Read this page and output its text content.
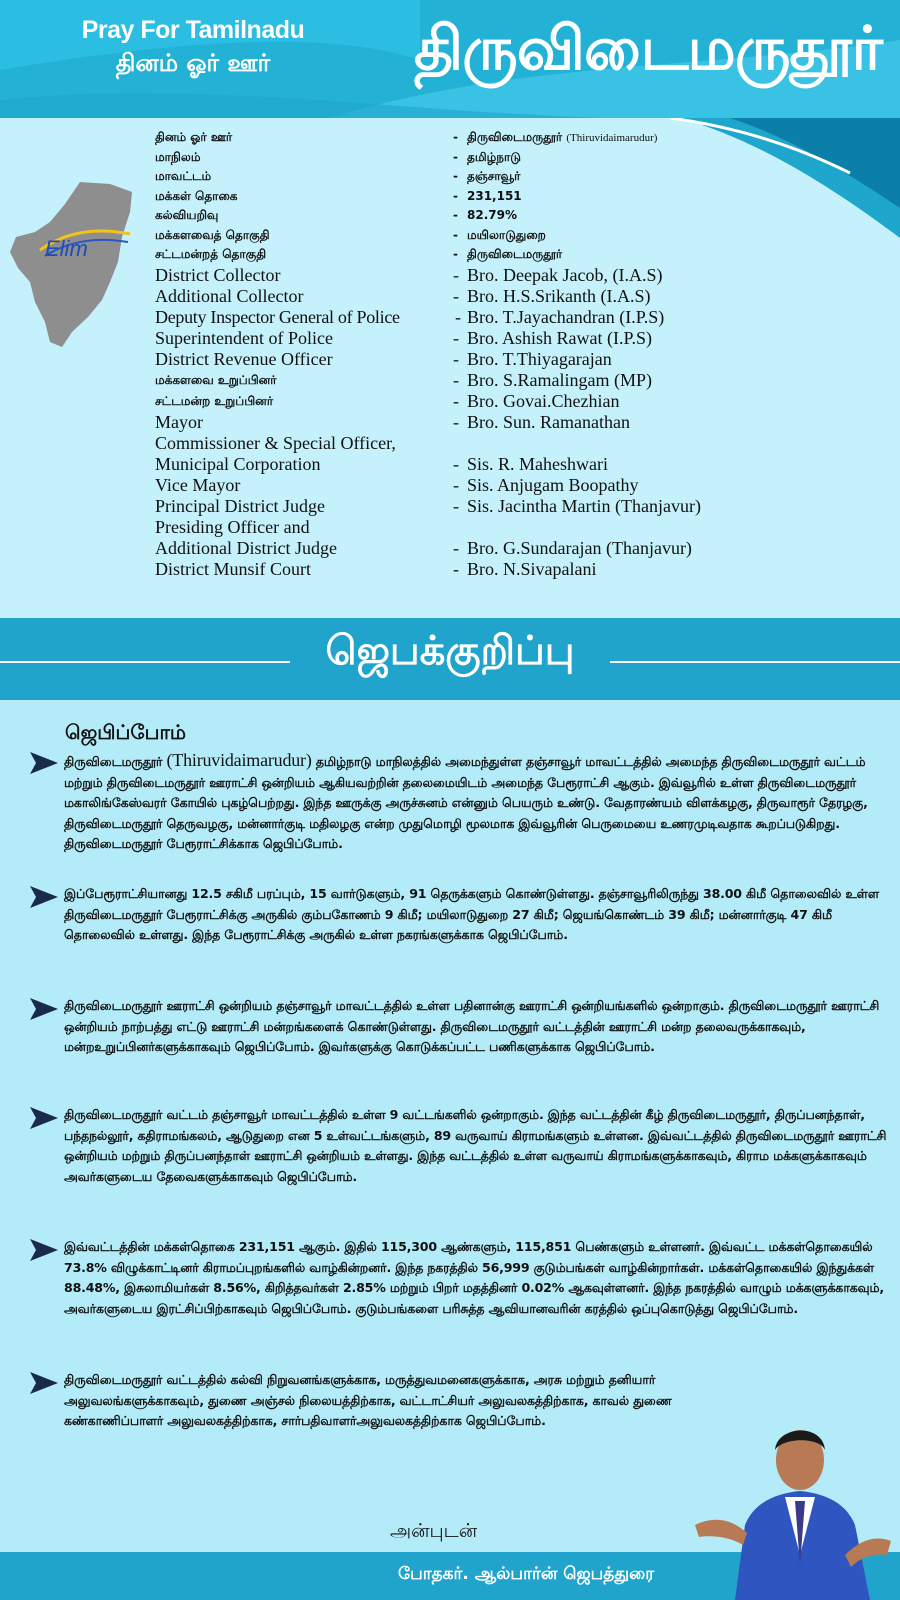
Pray For Tamilnadu
தினம் ஓர் ஊர்	திருவிடைமருதூர்
Elim
தினம் ஓர் ஊர்	- திருவிடைமருதூர் (Thiruvidaimarudur)
மாநிலம்	- தமிழ்நாடு
மாவட்டம்	- தஞ்சாவூர்
மக்கள் தொகை	- 231,151
கல்வியறிவு	- 82.79%
மக்களவைத் தொகுதி	- மயிலாடுதுறை
சட்டமன்றத் தொகுதி	- திருவிடைமருதூர்
District Collector	- Bro. Deepak Jacob, (I.A.S)
Additional Collector	- Bro. H.S.Srikanth (I.A.S)
Deputy Inspector General of Police	- Bro. T.Jayachandran (I.P.S)
Superintendent of Police	- Bro. Ashish Rawat (I.P.S)
District Revenue Officer	- Bro. T.Thiyagarajan
மக்களவை உறுப்பினர்	- Bro. S.Ramalingam (MP)
சட்டமன்ற உறுப்பினர்	- Bro. Govai.Chezhian
Mayor	- Bro. Sun. Ramanathan
Commissioner & Special Officer,
Municipal Corporation	- Sis. R. Maheshwari
Vice Mayor	- Sis. Anjugam Boopathy
Principal District Judge	- Sis. Jacintha Martin (Thanjavur)
Presiding Officer and
Additional District Judge	- Bro. G.Sundarajan (Thanjavur)
District Munsif Court	- Bro. N.Sivapalani
ஜெபக்குறிப்பு
ஜெபிப்போம்
திருவிடைமருதூர் (Thiruvidaimarudur) தமிழ்நாடு மாநிலத்தில் அமைந்துள்ள தஞ்சாவூர் மாவட்டத்தில் அமைந்த திருவிடைமருதூர் வட்டம் மற்றும் திருவிடைமருதூர் ஊராட்சி ஒன்றியம் ஆகியவற்றின் தலைமையிடம் அமைந்த பேரூராட்சி ஆகும். இவ்வூரில் உள்ள திருவிடைமருதூர் மகாலிங்கேஸ்வரர் கோயில் புகழ்பெற்றது. இந்த ஊருக்கு அருச்சுனம் என்னும் பெயரும் உண்டு. வேதாரண்யம் விளக்கழகு, திருவாரூர் தேரழகு, திருவிடைமருதூர் தெருவழகு, மன்னார்குடி மதிலழகு என்ற முதுமொழி மூலமாக இவ்வூரின் பெருமையை உணரமுடிவதாக கூறப்படுகிறது. திருவிடைமருதூர் பேரூராட்சிக்காக ஜெபிப்போம்.
இப்பேரூராட்சியானது 12.5 சகிமீ பரப்பும், 15 வார்டுகளும், 91 தெருக்களும் கொண்டுள்ளது. தஞ்சாவூரிலிருந்து 38.00 கிமீ தொலைவில் உள்ள திருவிடைமருதூர் பேரூராட்சிக்கு அருகில் கும்பகோணம் 9 கிமீ; மயிலாடுதுறை 27 கிமீ; ஜெயங்கொண்டம் 39 கிமீ; மன்னார்குடி 47 கிமீ தொலைவில் உள்ளது. இந்த பேரூராட்சிக்கு அருகில் உள்ள நகரங்களுக்காக ஜெபிப்போம்.
திருவிடைமருதூர் ஊராட்சி ஒன்றியம் தஞ்சாவூர் மாவட்டத்தில் உள்ள பதினான்கு ஊராட்சி ஒன்றியங்களில் ஒன்றாகும். திருவிடைமருதூர் ஊராட்சி ஒன்றியம் நாற்பத்து எட்டு ஊராட்சி மன்றங்களைக் கொண்டுள்ளது. திருவிடைமருதூர் வட்டத்தின் ஊராட்சி மன்ற தலைவருக்காகவும், மன்றஉறுப்பினர்களுக்காகவும் ஜெபிப்போம். இவர்களுக்கு கொடுக்கப்பட்ட பணிகளுக்காக ஜெபிப்போம்.
திருவிடைமருதூர் வட்டம் தஞ்சாவூர் மாவட்டத்தில் உள்ள 9 வட்டங்களில் ஒன்றாகும். இந்த வட்டத்தின் கீழ் திருவிடைமருதூர், திருப்பனந்தாள், பந்தநல்லூர், கதிராமங்கலம், ஆடுதுறை என 5 உள்வட்டங்களும், 89 வருவாய் கிராமங்களும் உள்ளன. இவ்வட்டத்தில் திருவிடைமருதூர் ஊராட்சி ஒன்றியம் மற்றும் திருப்பனந்தாள் ஊராட்சி ஒன்றியம் உள்ளது. இந்த வட்டத்தில் உள்ள வருவாய் கிராமங்களுக்காகவும், கிராம மக்களுக்காகவும் அவர்களுடைய தேவைகளுக்காகவும் ஜெபிப்போம்.
இவ்வட்டத்தின் மக்கள்தொகை 231,151 ஆகும். இதில் 115,300 ஆண்களும், 115,851 பெண்களும் உள்ளனர். இவ்வட்ட மக்கள்தொகையில் 73.8% விழுக்காட்டினர் கிராமப்புறங்களில் வாழ்கின்றனர். இந்த நகரத்தில் 56,999 குடும்பங்கள் வாழ்கின்றார்கள். மக்கள்தொகையில் இந்துக்கள் 88.48%, இசுலாமியர்கள் 8.56%, கிறித்தவர்கள் 2.85% மற்றும் பிறர் மதத்தினர் 0.02% ஆகவுள்ளனர். இந்த நகரத்தில் வாழும் மக்களுக்காகவும், அவர்களுடைய இரட்சிப்பிற்காகவும் ஜெபிப்போம். குடும்பங்களை பரிசுத்த ஆவியானவரின் கரத்தில் ஒப்புகொடுத்து ஜெபிப்போம்.
திருவிடைமருதூர் வட்டத்தில் கல்வி நிறுவனங்களுக்காக, மருத்துவமனைகளுக்காக, அரசு மற்றும் தனியார் அலுவலங்களுக்காகவும், துணை அஞ்சல் நிலையத்திற்காக, வட்டாட்சியர் அலுவலகத்திற்காக, காவல் துணை கண்காணிப்பாளர் அலுவலகத்திற்காக, சார்பதிவாளர்அலுவலகத்திற்காக ஜெபிப்போம்.
அன்புடன்
போதகர். ஆல்பார்ன் ஜெபத்துரை
